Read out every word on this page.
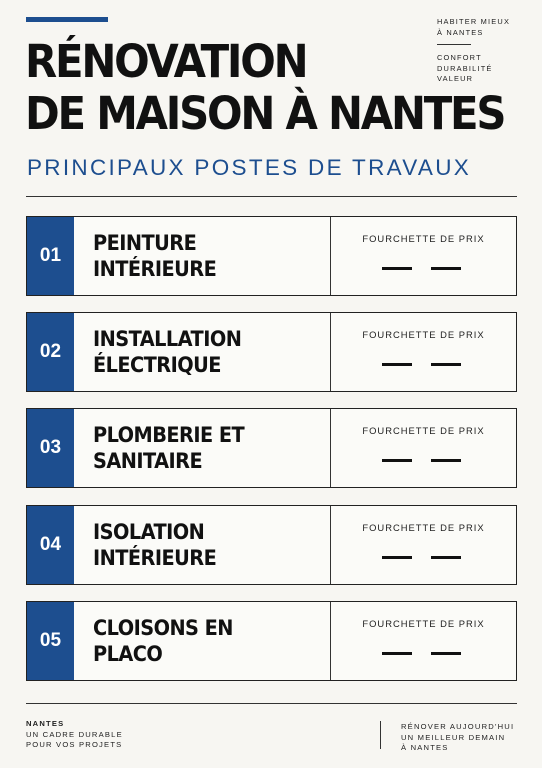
HABITER MIEUX
À NANTES
CONFORT
DURABILITÉ
VALEUR
RÉNOVATION
DE MAISON À NANTES
PRINCIPAUX POSTES DE TRAVAUX
01
PEINTURE
INTÉRIEURE
FOURCHETTE DE PRIX
02
INSTALLATION
ÉLECTRIQUE
FOURCHETTE DE PRIX
03
PLOMBERIE ET
SANITAIRE
FOURCHETTE DE PRIX
04
ISOLATION
INTÉRIEURE
FOURCHETTE DE PRIX
05
CLOISONS EN PLACO
FOURCHETTE DE PRIX
NANTES
UN CADRE DURABLE
POUR VOS PROJETS
RÉNOVER AUJOURD'HUI
UN MEILLEUR DEMAIN
À NANTES
